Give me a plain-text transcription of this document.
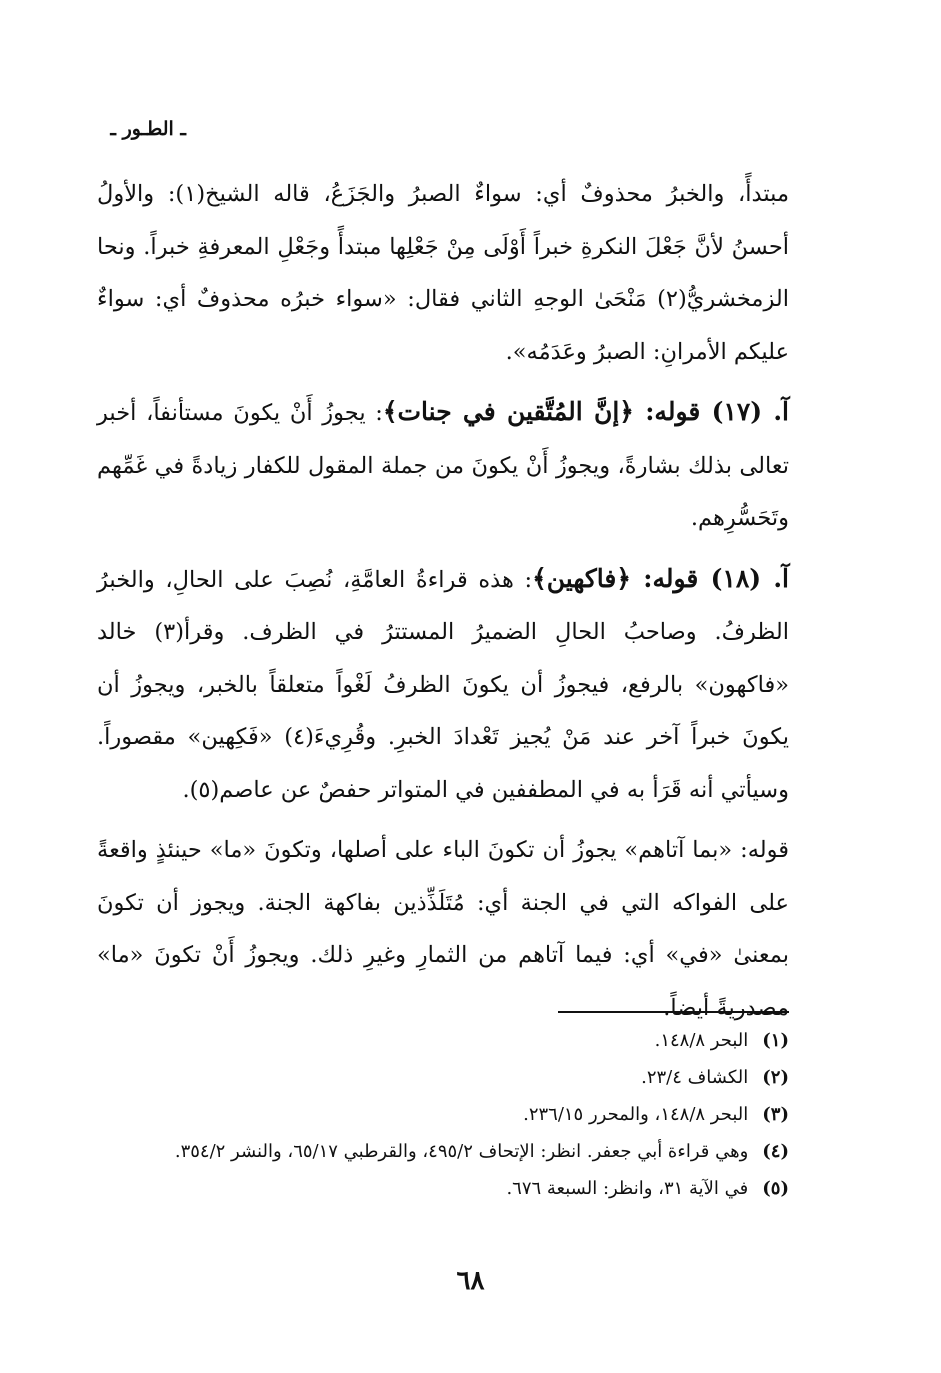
ـ الطـور ـ

مبتدأً، والخبرُ محذوفٌ أي: سواءٌ الصبرُ والجَزَعُ، قاله الشيخ(١): والأولُ أحسنُ لأنَّ جَعْلَ النكرةِ خبراً أَوْلَى مِنْ جَعْلِها مبتدأً وجَعْلِ المعرفةِ خبراً. ونحا الزمخشريُّ(٢) مَنْحَىٰ الوجهِ الثاني فقال: «سواء خبرُه محذوفٌ أي: سواءٌ عليكم الأمرانِ: الصبرُ وعَدَمُه».

آ. (١٧) قوله: ﴿إنَّ المُتَّقين في جنات﴾: يجوزُ أَنْ يكونَ مستأنفاً، أخبر تعالى بذلك بشارةً، ويجوزُ أَنْ يكونَ من جملة المقول للكفار زيادةً في غَمِّهم وتَحَسُّرِهم.

آ. (١٨) قوله: ﴿فاكهين﴾: هذه قراءةُ العامَّةِ، نُصِبَ على الحالِ، والخبرُ الظرفُ. وصاحبُ الحالِ الضميرُ المستترُ في الظرف. وقرأ(٣) خالد «فاكهون» بالرفع، فيجوزُ أن يكونَ الظرفُ لَغْواً متعلقاً بالخبر، ويجوزُ أن يكونَ خبراً آخر عند مَنْ يُجيز تَعْدادَ الخبرِ. وقُرِيءَ(٤) «فَكِهين» مقصوراً. وسيأتي أنه قَرَأ به في المطففين في المتواتر حفصٌ عن عاصم(٥).

قوله: «بما آتاهم» يجوزُ أن تكونَ الباء على أصلها، وتكونَ «ما» حينئذٍ واقعةً على الفواكه التي في الجنة أي: مُتَلَذِّذين بفاكهة الجنة. ويجوز أن تكونَ بمعنىٰ «في» أي: فيما آتاهم من الثمارِ وغيرِ ذلك. ويجوزُ أَنْ تكونَ «ما» مصدريةً أيضاً.

(١)
البحر ١٤٨/٨.
(٢)
الكشاف ٢٣/٤.
(٣)
البحر ١٤٨/٨، والمحرر ٢٣٦/١٥.
(٤)
وهي قراءة أبي جعفر. انظر: الإتحاف ٤٩٥/٢، والقرطبي ٦٥/١٧، والنشر ٣٥٤/٢.
(٥)
في الآية ٣١، وانظر: السبعة ٦٧٦.
٦٨
